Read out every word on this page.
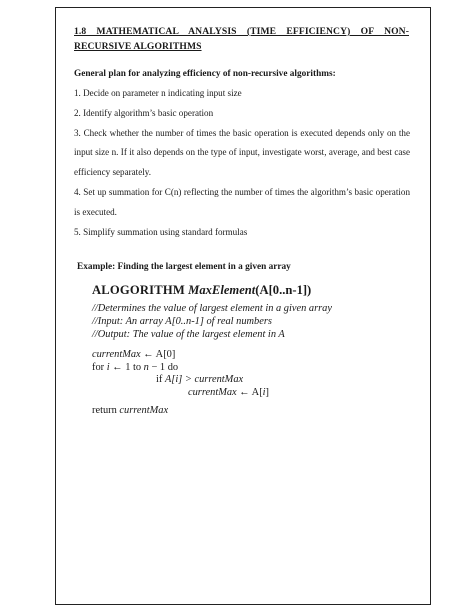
1.8 MATHEMATICAL ANALYSIS (TIME EFFICIENCY) OF NON-RECURSIVE ALGORITHMS
General plan for analyzing efficiency of non-recursive algorithms:
1. Decide on parameter n indicating input size
2. Identify algorithm’s basic operation
3. Check whether the number of times the basic operation is executed depends only on the input size n. If it also depends on the type of input, investigate worst, average, and best case efficiency separately.
4. Set up summation for C(n) reflecting the number of times the algorithm’s basic operation is executed.
5. Simplify summation using standard formulas
Example: Finding the largest element in a given array
ALOGORITHM MaxElement(A[0..n-1])
//Determines the value of largest element in a given array
//Input: An array A[0..n-1] of real numbers
//Output: The value of the largest element in A
currentMax ← A[0]
for i ← 1 to n − 1 do
if A[i] > currentMax
currentMax ← A[i]
return currentMax
